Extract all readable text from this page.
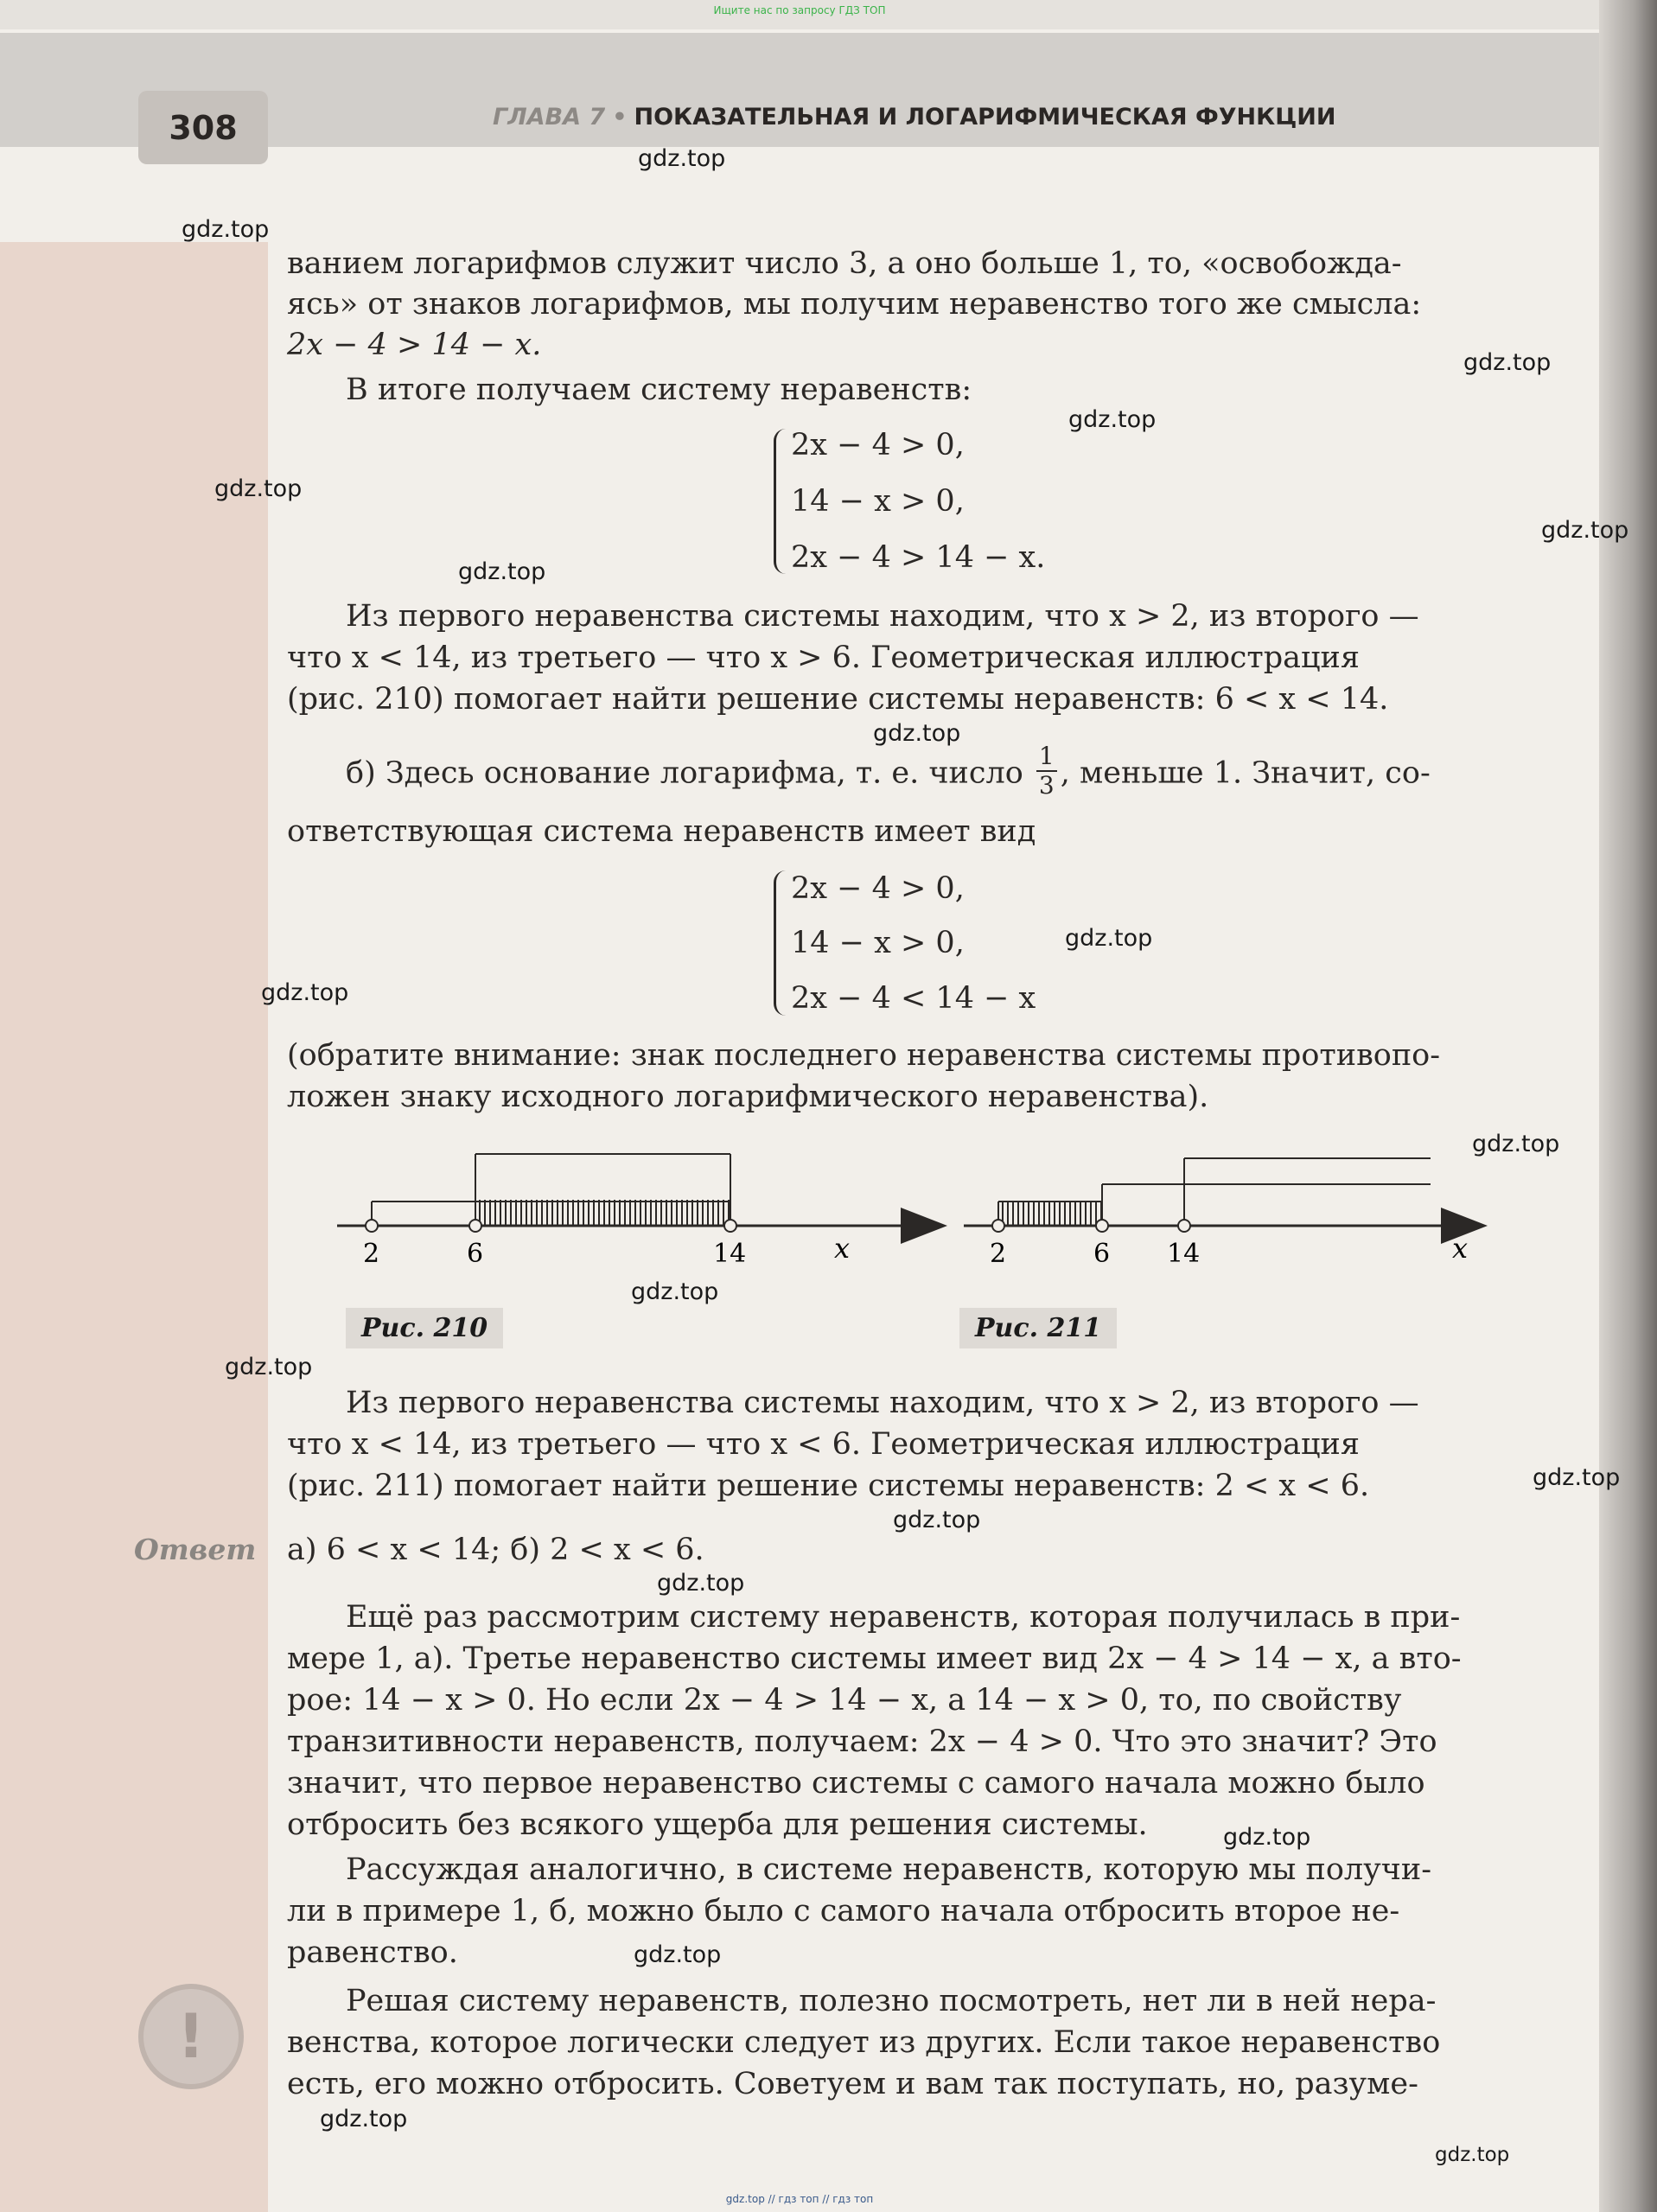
Ищите нас по запросу ГДЗ ТОП
308	ГЛАВА 7 • ПОКАЗАТЕЛЬНАЯ И ЛОГАРИФМИЧЕСКАЯ ФУНКЦИИ
ванием логарифмов служит число 3, а оно больше 1, то, «освобожда-
ясь» от знаков логарифмов, мы получим неравенство того же смысла:
2x − 4 > 14 − x.
В итоге получаем систему неравенств:
2x − 4 > 0,
14 − x > 0,
2x − 4 > 14 − x.
Из первого неравенства системы находим, что x > 2, из второго —
что x < 14, из третьего — что x > 6. Геометрическая иллюстрация
(рис. 210) помогает найти решение системы неравенств: 6 < x < 14.
б) Здесь основание логарифма, т. е. число $\frac{1}{3}$ , меньше 1. Значит, со-
ответствующая система неравенств имеет вид
2x − 4 > 0,
14 − x > 0,
2x − 4 < 14 − x
(обратите внимание: знак последнего неравенства системы противопо-
ложен знаку исходного логарифмического неравенства).
2	6	14	x	2	6 14	x
Рис. 210	Рис. 211
Из первого неравенства системы находим, что x > 2, из второго —
что x < 14, из третьего — что x < 6. Геометрическая иллюстрация
(рис. 211) помогает найти решение системы неравенств: 2 < x < 6.
Ответ а) 6 < x < 14; б) 2 < x < 6.
Ещё раз рассмотрим систему неравенств, которая получилась в при-
мере 1, а). Третье неравенство системы имеет вид 2x − 4 > 14 − x, а вто-
рое: 14 − x > 0. Но если 2x − 4 > 14 − x, а 14 − x > 0, то, по свойству
транзитивности неравенств, получаем: 2x − 4 > 0. Что это значит? Это
значит, что первое неравенство системы с самого начала можно было
отбросить без всякого ущерба для решения системы.
Рассуждая аналогично, в системе неравенств, которую мы получи-
ли в примере 1, б, можно было с самого начала отбросить второе не-
равенство.
Решая систему неравенств, полезно посмотреть, нет ли в ней нера-
венства, которое логически следует из других. Если такое неравенство
есть, его можно отбросить. Советуем и вам так поступать, но, разуме-
!
gdz.top
gdz.top
gdz.top
gdz.top
gdz.top
gdz.top
gdz.top
gdz.top
gdz.top
gdz.top
gdz.top
gdz.top
gdz.top
gdz.top
gdz.top
gdz.top
gdz.top
gdz.top
gdz.top
gdz.top
gdz.top // гдз топ // гдз топ
